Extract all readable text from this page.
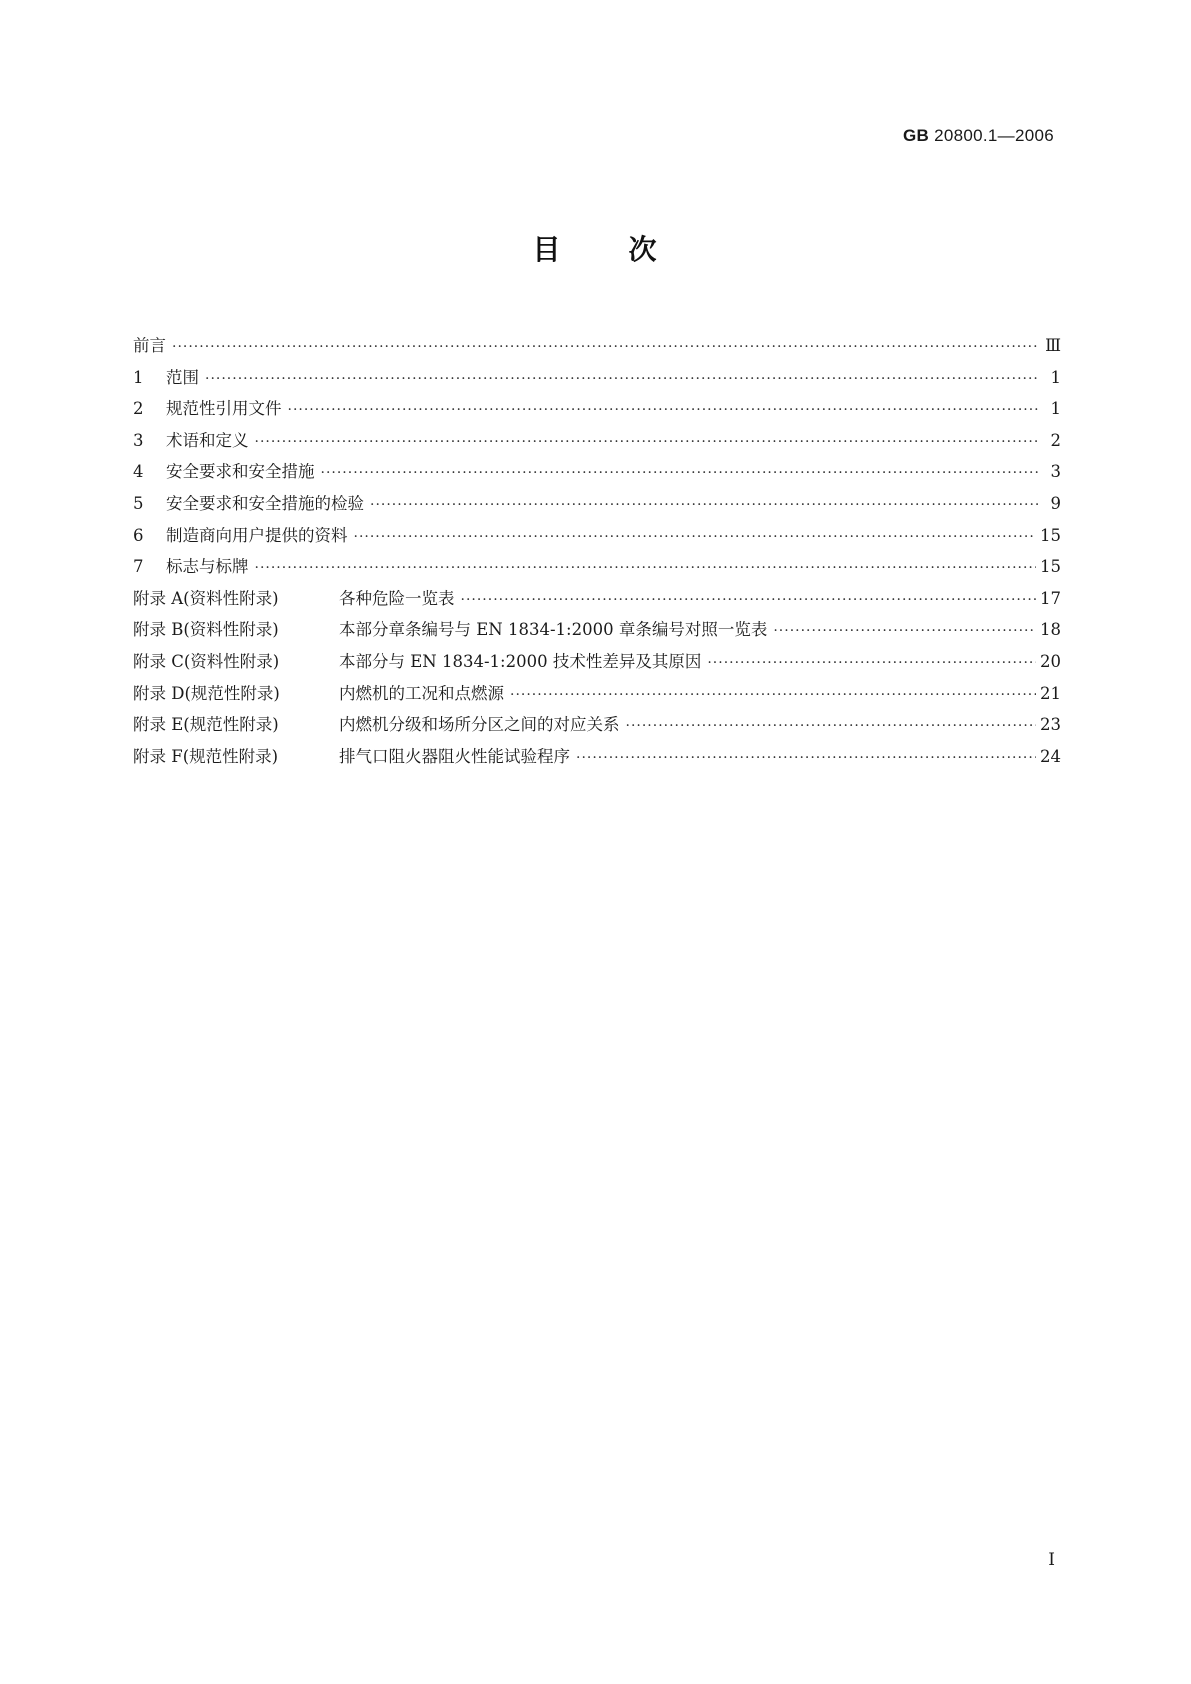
GB 20800.1—2006
目 次
前言 ·····	Ⅲ
1	范围 ·····	1
2	规范性引用文件 ·····	1
3	术语和定义 ·····	2
4	安全要求和安全措施 ·····	3
5	安全要求和安全措施的检验 ·····	9
6	制造商向用户提供的资料 ·····	15
7	标志与标牌 ·····	15
附录 A(资料性附录)	各种危险一览表 ·····	17
附录 B(资料性附录)	本部分章条编号与 EN 1834-1:2000 章条编号对照一览表 ·····	18
附录 C(资料性附录)	本部分与 EN 1834-1:2000 技术性差异及其原因 ·····	20
附录 D(规范性附录)	内燃机的工况和点燃源 ·····	21
附录 E(规范性附录)	内燃机分级和场所分区之间的对应关系 ·····	23
附录 F(规范性附录)	排气口阻火器阻火性能试验程序 ·····	24
I
